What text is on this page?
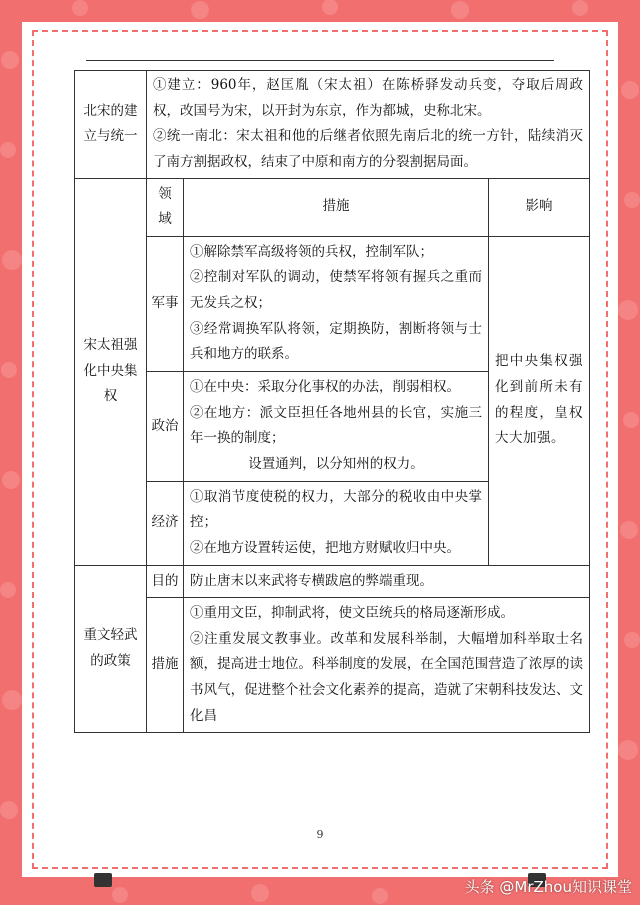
北宋的建立与统一	①建立：960年，赵匡胤（宋太祖）在陈桥驿发动兵变，夺取后周政权，改国号为宋，以开封为东京，作为都城，史称北宋。

②统一南北：宋太祖和他的后继者依照先南后北的统一方针，陆续消灭了南方割据政权，结束了中原和南方的分裂割据局面。		

宋太祖强化中央集权	领域	措施	影响
	军事	①解除禁军高级将领的兵权，控制军队；

②控制对军队的调动，使禁军将领有握兵之重而无发兵之权；

③经常调换军队将领，定期换防，割断将领与士兵和地方的联系。	把中央集权强化到前所未有的程度，皇权大大加强。
	政治	①在中央：采取分化事权的办法，削弱相权。

②在地方：派文臣担任各地州县的长官，实施三年一换的制度；

设置通判，以分知州的权力。	

	经济	①取消节度使税的权力，大部分的税收由中央掌控；

②在地方设置转运使，把地方财赋收归中央。	

重文轻武的政策	目的	防止唐末以来武将专横跋扈的弊端重现。	
	措施	①重用文臣，抑制武将，使文臣统兵的格局逐渐形成。

②注重发展文教事业。改革和发展科举制，大幅增加科举取士名额，提高进士地位。科举制度的发展，在全国范围营造了浓厚的读书风气，促进整个社会文化素养的提高，造就了宋朝科技发达、文化昌	

9
头条 @MrZhou知识课堂
